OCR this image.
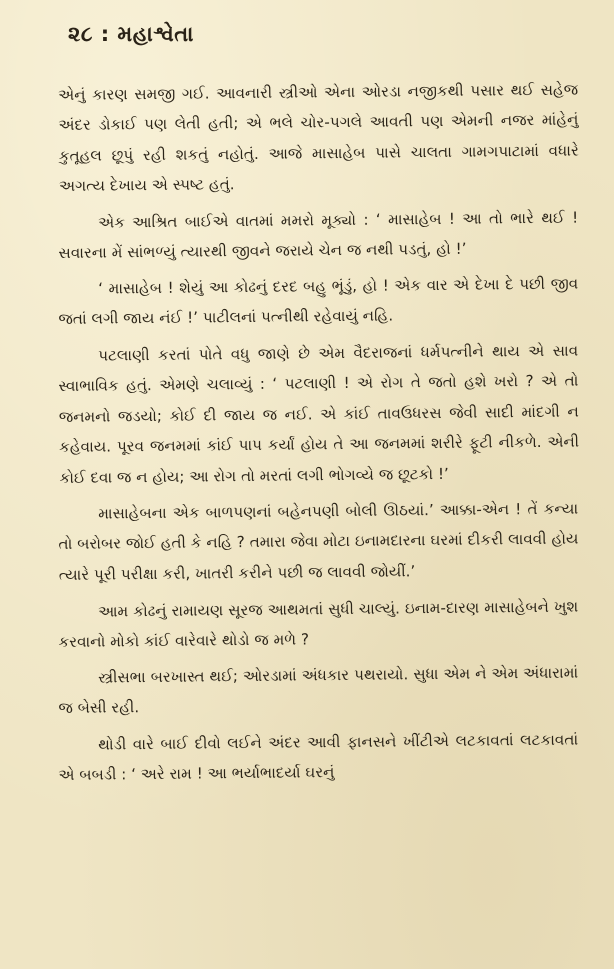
૨૮ : મહાશ્વેતા

એનું કારણ સમજી ગઈ. આવનારી સ્ત્રીઓ એના ઓરડા નજીકથી પસાર થઈ સહેજ અંદર ડોકાઈ પણ લેતી હતી; એ ભલે ચોર-પગલે આવતી પણ એમની નજર માંહેનું કુતૂહલ છૂપું રહી શકતું નહોતું. આજે માસાહેબ પાસે ચાલતા ગામગપાટામાં વધારે અગત્ય દેખાય એ સ્પષ્ટ હતું.

એક આશ્રિત બાઈએ વાતમાં મમરો મૂક્યો : ‘ માસાહેબ ! આ તો ભારે થઈ ! સવારના મેં સાંભળ્યું ત્યારથી જીવને જરાયે ચેન જ નથી પડતું, હો !’

‘ માસાહેબ ! શેયું આ કોઢનું દરદ બહુ ભૂંડું, હો ! એક વાર એ દેખા દે પછી જીવ જતાં લગી જાય નંઈ !’ પાટીલનાં પત્નીથી રહેવાયું નહિ.

પટલાણી કરતાં પોતે વધુ જાણે છે એમ વૈદરાજનાં ધર્મપત્નીને થાય એ સાવ સ્વાભાવિક હતું. એમણે ચલાવ્યું : ‘ પટલાણી ! એ રોગ તે જતો હશે ખરો ? એ તો જનમનો જડયો; કોઈ દી જાય જ નઈ. એ કાંઈ તાવઉધરસ જેવી સાદી માંદગી ન કહેવાય. પૂરવ જનમમાં કાંઈ પાપ કર્યાં હોય તે આ જનમમાં શરીરે ફૂટી નીકળે. એની કોઈ દવા જ ન હોય; આ રોગ તો મરતાં લગી ભોગવ્યે જ છૂટકો !’

માસાહેબના એક બાળપણનાં બહેનપણી બોલી ઊઠયાં.’ આક્કા-એન ! તેં કન્યા તો બરોબર જોઈ હતી કે નહિ ? તમારા જેવા મોટા ઇનામદારના ઘરમાં દીકરી લાવવી હોય ત્યારે પૂરી પરીક્ષા કરી, ખાતરી કરીને પછી જ લાવવી જોયીં.’

આમ કોઢનું રામાયણ સૂરજ આથમતાં સુધી ચાલ્યું. ઇનામ-દારણ માસાહેબને ખુશ કરવાનો મોકો કાંઈ વારેવારે થોડો જ મળે ?

સ્ત્રીસભા બરખાસ્ત થઈ; ઓરડામાં અંધકાર પથરાયો. સુધા એમ ને એમ અંધારામાં જ બેસી રહી.

થોડી વારે બાઈ દીવો લઈને અંદર આવી ફાનસને ખીંટીએ લટકાવતાં લટકાવતાં એ બબડી : ‘ અરે રામ ! આ ભર્યાભાદર્યા ઘરનું
